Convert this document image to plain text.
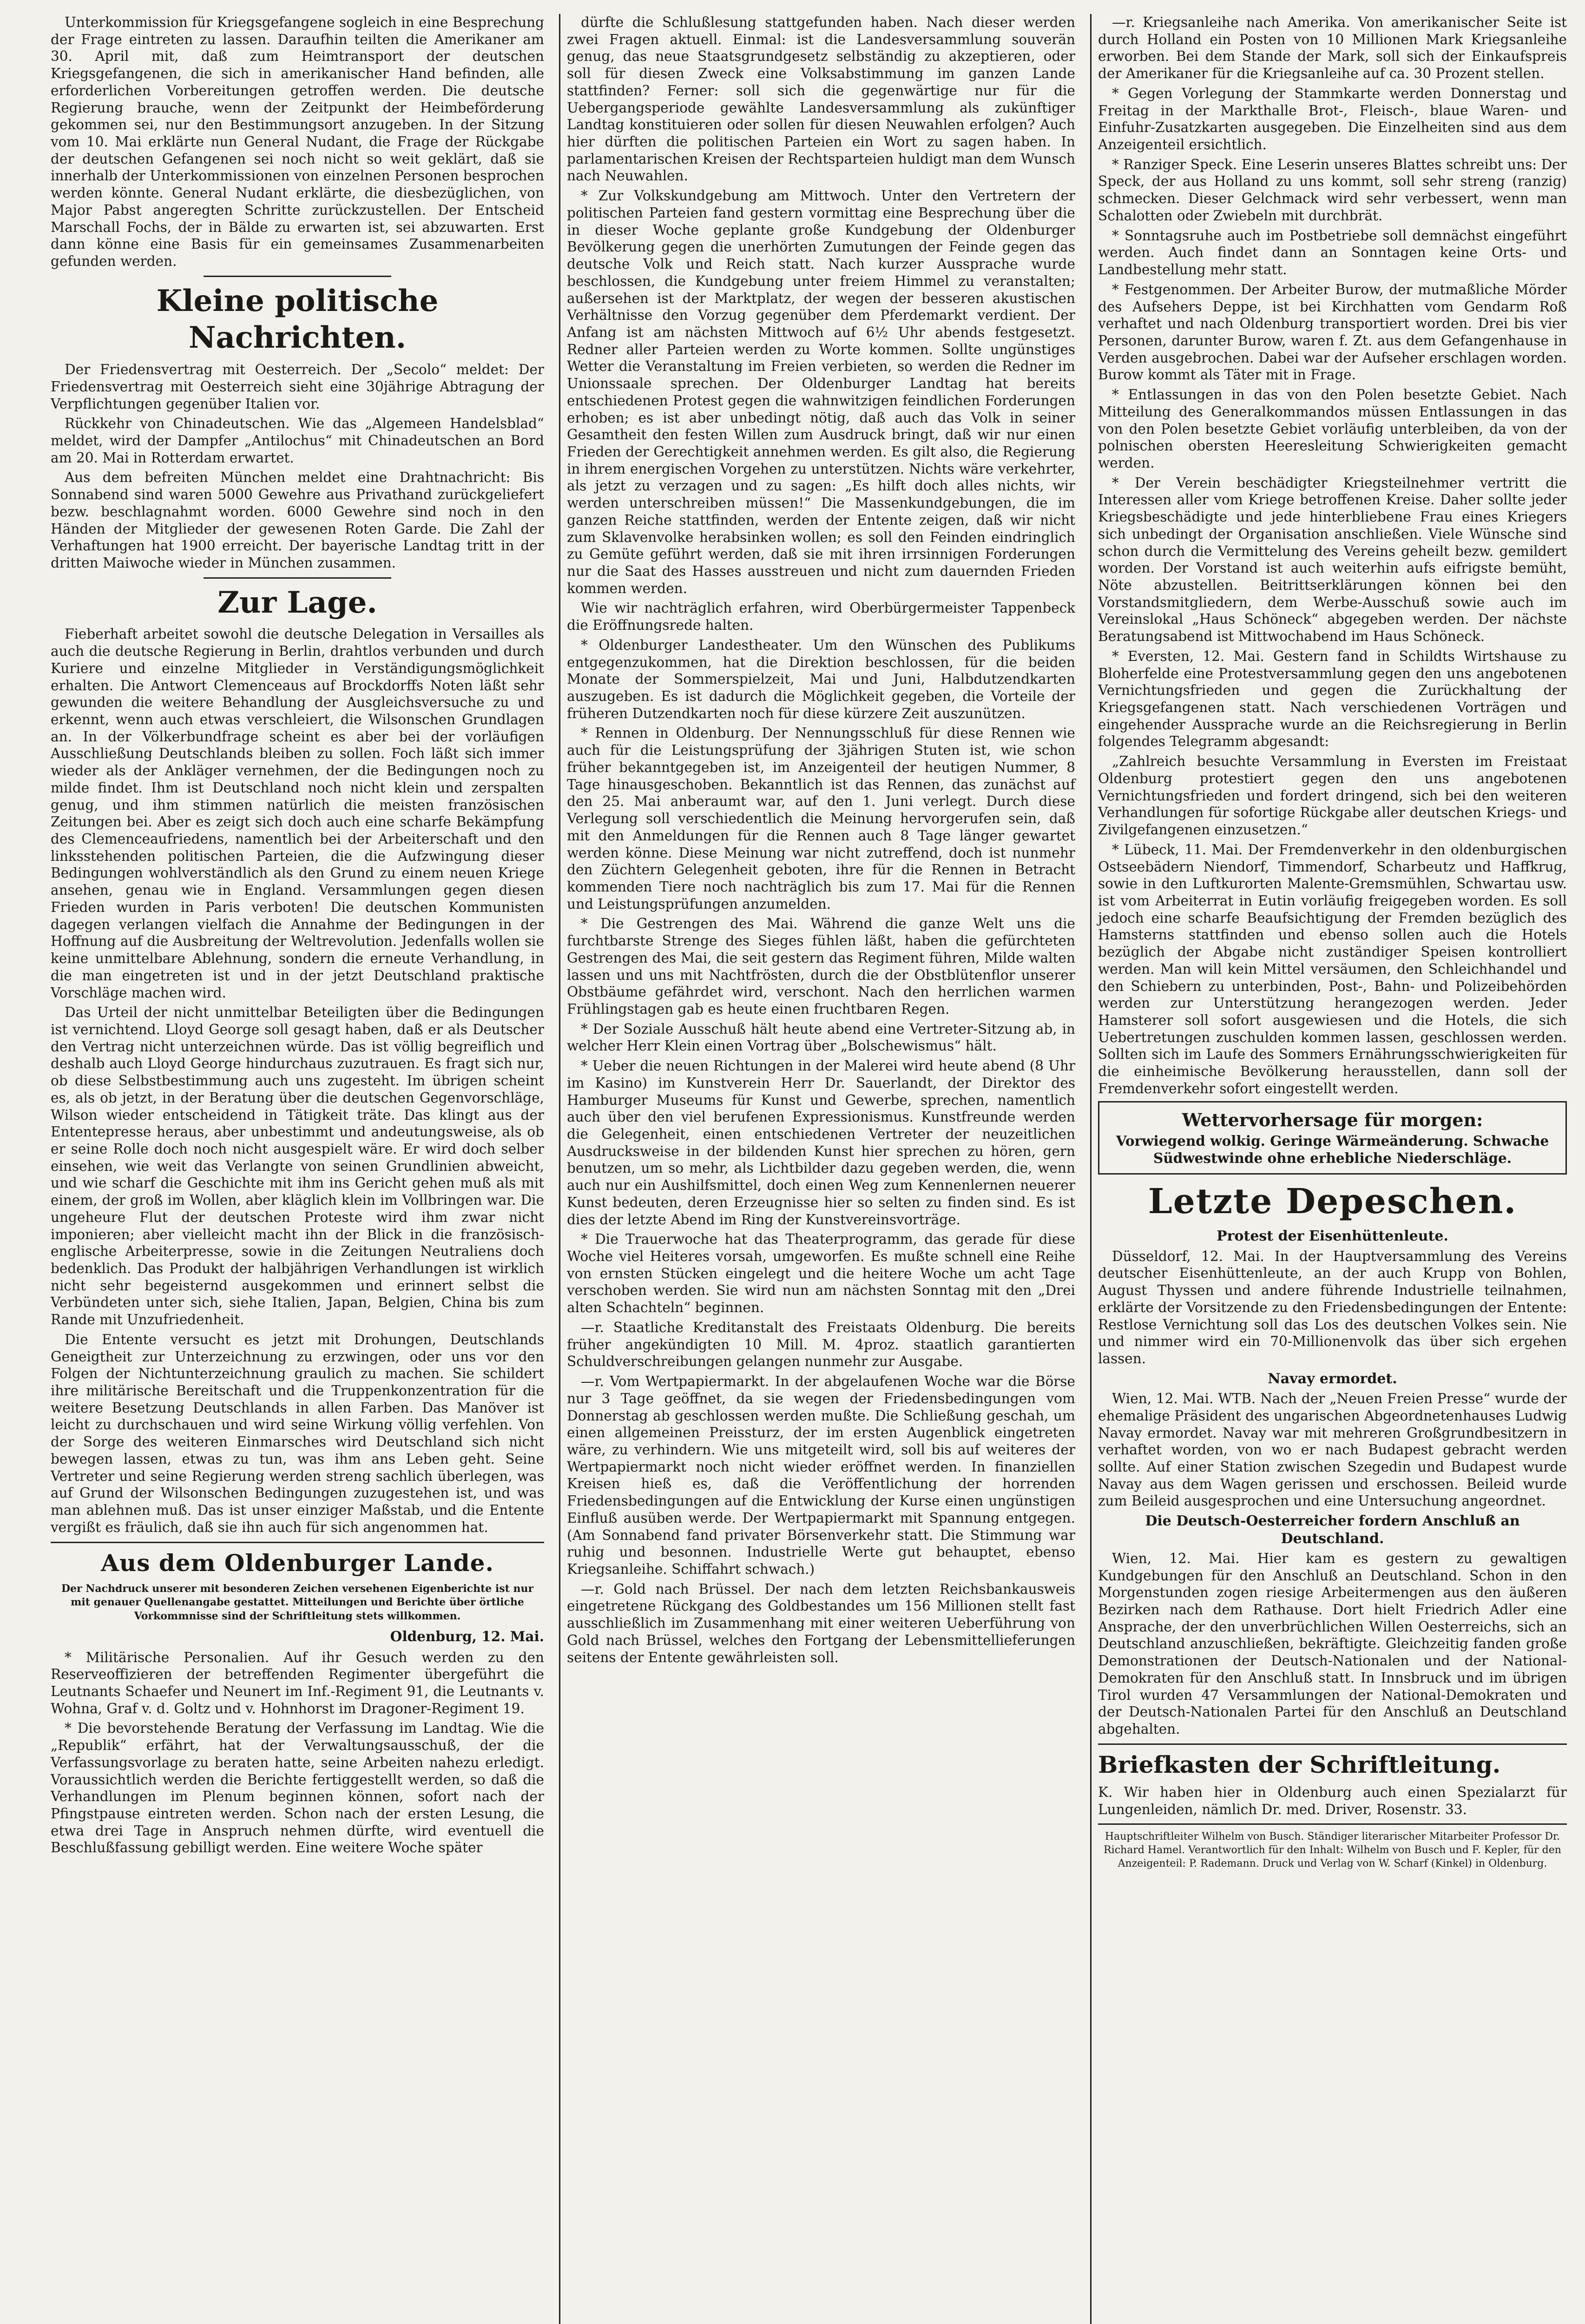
Unterkommission für Kriegsgefangene sogleich in eine Besprechung der Frage eintreten zu lassen. Daraufhin teilten die Amerikaner am 30. April mit, daß zum Heimtransport der deutschen Kriegsgefangenen, die sich in amerikanischer Hand befinden, alle erforderlichen Vorbereitungen getroffen werden. Die deutsche Regierung brauche, wenn der Zeitpunkt der Heimbeförderung gekommen sei, nur den Bestimmungsort anzugeben. In der Sitzung vom 10. Mai erklärte nun General Nudant, die Frage der Rückgabe der deutschen Gefangenen sei noch nicht so weit geklärt, daß sie innerhalb der Unterkommissionen von einzelnen Personen besprochen werden könnte. General Nudant erklärte, die diesbezüglichen, von Major Pabst angeregten Schritte zurückzustellen. Der Entscheid Marschall Fochs, der in Bälde zu erwarten ist, sei abzuwarten. Erst dann könne eine Basis für ein gemeinsames Zusammenarbeiten gefunden werden.

Kleine politische Nachrichten.

Der Friedensvertrag mit Oesterreich. Der „Secolo“ meldet: Der Friedensvertrag mit Oesterreich sieht eine 30jährige Abtragung der Verpflichtungen gegenüber Italien vor.

Rückkehr von Chinadeutschen. Wie das „Algemeen Handelsblad“ meldet, wird der Dampfer „Antilochus“ mit Chinadeutschen an Bord am 20. Mai in Rotterdam erwartet.

Aus dem befreiten München meldet eine Drahtnachricht: Bis Sonnabend sind waren 5000 Gewehre aus Privathand zurückgeliefert bezw. beschlagnahmt worden. 6000 Gewehre sind noch in den Händen der Mitglieder der gewesenen Roten Garde. Die Zahl der Verhaftungen hat 1900 erreicht. Der bayerische Landtag tritt in der dritten Maiwoche wieder in München zusammen.

Zur Lage.

Fieberhaft arbeitet sowohl die deutsche Delegation in Versailles als auch die deutsche Regierung in Berlin, drahtlos verbunden und durch Kuriere und einzelne Mitglieder in Verständigungsmöglichkeit erhalten. Die Antwort Clemenceaus auf Brockdorffs Noten läßt sehr gewunden die weitere Behandlung der Ausgleichsversuche zu und erkennt, wenn auch etwas verschleiert, die Wilsonschen Grundlagen an. In der Völkerbundfrage scheint es aber bei der vorläufigen Ausschließung Deutschlands bleiben zu sollen. Foch läßt sich immer wieder als der Ankläger vernehmen, der die Bedingungen noch zu milde findet. Ihm ist Deutschland noch nicht klein und zerspalten genug, und ihm stimmen natürlich die meisten französischen Zeitungen bei. Aber es zeigt sich doch auch eine scharfe Bekämpfung des Clemenceaufriedens, namentlich bei der Arbeiterschaft und den linksstehenden politischen Parteien, die die Aufzwingung dieser Bedingungen wohlverständlich als den Grund zu einem neuen Kriege ansehen, genau wie in England. Versammlungen gegen diesen Frieden wurden in Paris verboten! Die deutschen Kommunisten dagegen verlangen vielfach die Annahme der Bedingungen in der Hoffnung auf die Ausbreitung der Weltrevolution. Jedenfalls wollen sie keine unmittelbare Ablehnung, sondern die erneute Verhandlung, in die man eingetreten ist und in der jetzt Deutschland praktische Vorschläge machen wird.

Das Urteil der nicht unmittelbar Beteiligten über die Bedingungen ist vernichtend. Lloyd George soll gesagt haben, daß er als Deutscher den Vertrag nicht unterzeichnen würde. Das ist völlig begreiflich und deshalb auch Lloyd George hindurchaus zuzutrauen. Es fragt sich nur, ob diese Selbstbestimmung auch uns zugesteht. Im übrigen scheint es, als ob jetzt, in der Beratung über die deutschen Gegenvorschläge, Wilson wieder entscheidend in Tätigkeit träte. Das klingt aus der Ententepresse heraus, aber unbestimmt und andeutungsweise, als ob er seine Rolle doch noch nicht ausgespielt wäre. Er wird doch selber einsehen, wie weit das Verlangte von seinen Grundlinien abweicht, und wie scharf die Geschichte mit ihm ins Gericht gehen muß als mit einem, der groß im Wollen, aber kläglich klein im Vollbringen war. Die ungeheure Flut der deutschen Proteste wird ihm zwar nicht imponieren; aber vielleicht macht ihn der Blick in die französisch-englische Arbeiterpresse, sowie in die Zeitungen Neutraliens doch bedenklich. Das Produkt der halbjährigen Verhandlungen ist wirklich nicht sehr begeisternd ausgekommen und erinnert selbst die Verbündeten unter sich, siehe Italien, Japan, Belgien, China bis zum Rande mit Unzufriedenheit.

Die Entente versucht es jetzt mit Drohungen, Deutschlands Geneigtheit zur Unterzeichnung zu erzwingen, oder uns vor den Folgen der Nichtunterzeichnung graulich zu machen. Sie schildert ihre militärische Bereitschaft und die Truppenkonzentration für die weitere Besetzung Deutschlands in allen Farben. Das Manöver ist leicht zu durchschauen und wird seine Wirkung völlig verfehlen. Von der Sorge des weiteren Einmarsches wird Deutschland sich nicht bewegen lassen, etwas zu tun, was ihm ans Leben geht. Seine Vertreter und seine Regierung werden streng sachlich überlegen, was auf Grund der Wilsonschen Bedingungen zuzugestehen ist, und was man ablehnen muß. Das ist unser einziger Maßstab, und die Entente vergißt es fräulich, daß sie ihn auch für sich angenommen hat.

Aus dem Oldenburger Lande.
Der Nachdruck unserer mit besonderen Zeichen versehenen Eigenberichte ist nur mit genauer Quellenangabe gestattet. Mitteilungen und Berichte über örtliche Vorkommnisse sind der Schriftleitung stets willkommen.
Oldenburg, 12. Mai.

* Militärische Personalien. Auf ihr Gesuch werden zu den Reserveoffizieren der betreffenden Regimenter übergeführt die Leutnants Schaefer und Neunert im Inf.-Regiment 91, die Leutnants v. Wohna, Graf v. d. Goltz und v. Hohnhorst im Dragoner-Regiment 19.

* Die bevorstehende Beratung der Verfassung im Landtag. Wie die „Republik“ erfährt, hat der Verwaltungsausschuß, der die Verfassungsvorlage zu beraten hatte, seine Arbeiten nahezu erledigt. Voraussichtlich werden die Berichte fertiggestellt werden, so daß die Verhandlungen im Plenum beginnen können, sofort nach der Pfingstpause eintreten werden. Schon nach der ersten Lesung, die etwa drei Tage in Anspruch nehmen dürfte, wird eventuell die Beschlußfassung gebilligt werden. Eine weitere Woche später

dürfte die Schlußlesung stattgefunden haben. Nach dieser werden zwei Fragen aktuell. Einmal: ist die Landesversammlung souverän genug, das neue Staatsgrundgesetz selbständig zu akzeptieren, oder soll für diesen Zweck eine Volksabstimmung im ganzen Lande stattfinden? Ferner: soll sich die gegenwärtige nur für die Uebergangsperiode gewählte Landesversammlung als zukünftiger Landtag konstituieren oder sollen für diesen Neuwahlen erfolgen? Auch hier dürften die politischen Parteien ein Wort zu sagen haben. In parlamentarischen Kreisen der Rechtsparteien huldigt man dem Wunsch nach Neuwahlen.

* Zur Volkskundgebung am Mittwoch. Unter den Vertretern der politischen Parteien fand gestern vormittag eine Besprechung über die in dieser Woche geplante große Kundgebung der Oldenburger Bevölkerung gegen die unerhörten Zumutungen der Feinde gegen das deutsche Volk und Reich statt. Nach kurzer Aussprache wurde beschlossen, die Kundgebung unter freiem Himmel zu veranstalten; außersehen ist der Marktplatz, der wegen der besseren akustischen Verhältnisse den Vorzug gegenüber dem Pferdemarkt verdient. Der Anfang ist am nächsten Mittwoch auf 6½ Uhr abends festgesetzt. Redner aller Parteien werden zu Worte kommen. Sollte ungünstiges Wetter die Veranstaltung im Freien verbieten, so werden die Redner im Unionssaale sprechen. Der Oldenburger Landtag hat bereits entschiedenen Protest gegen die wahnwitzigen feindlichen Forderungen erhoben; es ist aber unbedingt nötig, daß auch das Volk in seiner Gesamtheit den festen Willen zum Ausdruck bringt, daß wir nur einen Frieden der Gerechtigkeit annehmen werden. Es gilt also, die Regierung in ihrem energischen Vorgehen zu unterstützen. Nichts wäre verkehrter, als jetzt zu verzagen und zu sagen: „Es hilft doch alles nichts, wir werden unterschreiben müssen!“ Die Massenkundgebungen, die im ganzen Reiche stattfinden, werden der Entente zeigen, daß wir nicht zum Sklavenvolke herabsinken wollen; es soll den Feinden eindringlich zu Gemüte geführt werden, daß sie mit ihren irrsinnigen Forderungen nur die Saat des Hasses ausstreuen und nicht zum dauernden Frieden kommen werden.

Wie wir nachträglich erfahren, wird Oberbürgermeister Tappenbeck die Eröffnungsrede halten.

* Oldenburger Landestheater. Um den Wünschen des Publikums entgegenzukommen, hat die Direktion beschlossen, für die beiden Monate der Sommerspielzeit, Mai und Juni, Halbdutzendkarten auszugeben. Es ist dadurch die Möglichkeit gegeben, die Vorteile der früheren Dutzendkarten noch für diese kürzere Zeit auszunützen.

* Rennen in Oldenburg. Der Nennungsschluß für diese Rennen wie auch für die Leistungsprüfung der 3jährigen Stuten ist, wie schon früher bekanntgegeben ist, im Anzeigenteil der heutigen Nummer, 8 Tage hinausgeschoben. Bekanntlich ist das Rennen, das zunächst auf den 25. Mai anberaumt war, auf den 1. Juni verlegt. Durch diese Verlegung soll verschiedentlich die Meinung hervorgerufen sein, daß mit den Anmeldungen für die Rennen auch 8 Tage länger gewartet werden könne. Diese Meinung war nicht zutreffend, doch ist nunmehr den Züchtern Gelegenheit geboten, ihre für die Rennen in Betracht kommenden Tiere noch nachträglich bis zum 17. Mai für die Rennen und Leistungsprüfungen anzumelden.

* Die Gestrengen des Mai. Während die ganze Welt uns die furchtbarste Strenge des Sieges fühlen läßt, haben die gefürchteten Gestrengen des Mai, die seit gestern das Regiment führen, Milde walten lassen und uns mit Nachtfrösten, durch die der Obstblütenflor unserer Obstbäume gefährdet wird, verschont. Nach den herrlichen warmen Frühlingstagen gab es heute einen fruchtbaren Regen.

* Der Soziale Ausschuß hält heute abend eine Vertreter-Sitzung ab, in welcher Herr Klein einen Vortrag über „Bolschewismus“ hält.

* Ueber die neuen Richtungen in der Malerei wird heute abend (8 Uhr im Kasino) im Kunstverein Herr Dr. Sauerlandt, der Direktor des Hamburger Museums für Kunst und Gewerbe, sprechen, namentlich auch über den viel berufenen Expressionismus. Kunstfreunde werden die Gelegenheit, einen entschiedenen Vertreter der neuzeitlichen Ausdrucksweise in der bildenden Kunst hier sprechen zu hören, gern benutzen, um so mehr, als Lichtbilder dazu gegeben werden, die, wenn auch nur ein Aushilfsmittel, doch einen Weg zum Kennenlernen neuerer Kunst bedeuten, deren Erzeugnisse hier so selten zu finden sind. Es ist dies der letzte Abend im Ring der Kunstvereinsvorträge.

* Die Trauerwoche hat das Theaterprogramm, das gerade für diese Woche viel Heiteres vorsah, umgeworfen. Es mußte schnell eine Reihe von ernsten Stücken eingelegt und die heitere Woche um acht Tage verschoben werden. Sie wird nun am nächsten Sonntag mit den „Drei alten Schachteln“ beginnen.

—r. Staatliche Kreditanstalt des Freistaats Oldenburg. Die bereits früher angekündigten 10 Mill. M. 4proz. staatlich garantierten Schuldverschreibungen gelangen nunmehr zur Ausgabe.

—r. Vom Wertpapiermarkt. In der abgelaufenen Woche war die Börse nur 3 Tage geöffnet, da sie wegen der Friedensbedingungen vom Donnerstag ab geschlossen werden mußte. Die Schließung geschah, um einen allgemeinen Preissturz, der im ersten Augenblick eingetreten wäre, zu verhindern. Wie uns mitgeteilt wird, soll bis auf weiteres der Wertpapiermarkt noch nicht wieder eröffnet werden. In finanziellen Kreisen hieß es, daß die Veröffentlichung der horrenden Friedensbedingungen auf die Entwicklung der Kurse einen ungünstigen Einfluß ausüben werde. Der Wertpapiermarkt mit Spannung entgegen. (Am Sonnabend fand privater Börsenverkehr statt. Die Stimmung war ruhig und besonnen. Industrielle Werte gut behauptet, ebenso Kriegsanleihe. Schiffahrt schwach.)

—r. Gold nach Brüssel. Der nach dem letzten Reichsbankausweis eingetretene Rückgang des Goldbestandes um 156 Millionen stellt fast ausschließlich im Zusammenhang mit einer weiteren Ueberführung von Gold nach Brüssel, welches den Fortgang der Lebensmittellieferungen seitens der Entente gewährleisten soll.

—r. Kriegsanleihe nach Amerika. Von amerikanischer Seite ist durch Holland ein Posten von 10 Millionen Mark Kriegsanleihe erworben. Bei dem Stande der Mark, soll sich der Einkaufspreis der Amerikaner für die Kriegsanleihe auf ca. 30 Prozent stellen.

* Gegen Vorlegung der Stammkarte werden Donnerstag und Freitag in der Markthalle Brot-, Fleisch-, blaue Waren- und Einfuhr-Zusatzkarten ausgegeben. Die Einzelheiten sind aus dem Anzeigenteil ersichtlich.

* Ranziger Speck. Eine Leserin unseres Blattes schreibt uns: Der Speck, der aus Holland zu uns kommt, soll sehr streng (ranzig) schmecken. Dieser Gelchmack wird sehr verbessert, wenn man Schalotten oder Zwiebeln mit durchbrät.

* Sonntagsruhe auch im Postbetriebe soll demnächst eingeführt werden. Auch findet dann an Sonntagen keine Orts- und Landbestellung mehr statt.

* Festgenommen. Der Arbeiter Burow, der mutmaßliche Mörder des Aufsehers Deppe, ist bei Kirchhatten vom Gendarm Roß verhaftet und nach Oldenburg transportiert worden. Drei bis vier Personen, darunter Burow, waren f. Zt. aus dem Gefangenhause in Verden ausgebrochen. Dabei war der Aufseher erschlagen worden. Burow kommt als Täter mit in Frage.

* Entlassungen in das von den Polen besetzte Gebiet. Nach Mitteilung des Generalkommandos müssen Entlassungen in das von den Polen besetzte Gebiet vorläufig unterbleiben, da von der polnischen obersten Heeresleitung Schwierigkeiten gemacht werden.

* Der Verein beschädigter Kriegsteilnehmer vertritt die Interessen aller vom Kriege betroffenen Kreise. Daher sollte jeder Kriegsbeschädigte und jede hinterbliebene Frau eines Kriegers sich unbedingt der Organisation anschließen. Viele Wünsche sind schon durch die Vermittelung des Vereins geheilt bezw. gemildert worden. Der Vorstand ist auch weiterhin aufs eifrigste bemüht, Nöte abzustellen. Beitrittserklärungen können bei den Vorstandsmitgliedern, dem Werbe-Ausschuß sowie auch im Vereinslokal „Haus Schöneck“ abgegeben werden. Der nächste Beratungsabend ist Mittwochabend im Haus Schöneck.

* Eversten, 12. Mai. Gestern fand in Schildts Wirtshause zu Bloherfelde eine Protestversammlung gegen den uns angebotenen Vernichtungsfrieden und gegen die Zurückhaltung der Kriegsgefangenen statt. Nach verschiedenen Vorträgen und eingehender Aussprache wurde an die Reichsregierung in Berlin folgendes Telegramm abgesandt:

„Zahlreich besuchte Versammlung in Eversten im Freistaat Oldenburg protestiert gegen den uns angebotenen Vernichtungsfrieden und fordert dringend, sich bei den weiteren Verhandlungen für sofortige Rückgabe aller deutschen Kriegs- und Zivilgefangenen einzusetzen.“

* Lübeck, 11. Mai. Der Fremdenverkehr in den oldenburgischen Ostseebädern Niendorf, Timmendorf, Scharbeutz und Haffkrug, sowie in den Luftkurorten Malente-Gremsmühlen, Schwartau usw. ist vom Arbeiterrat in Eutin vorläufig freigegeben worden. Es soll jedoch eine scharfe Beaufsichtigung der Fremden bezüglich des Hamsterns stattfinden und ebenso sollen auch die Hotels bezüglich der Abgabe nicht zuständiger Speisen kontrolliert werden. Man will kein Mittel versäumen, den Schleichhandel und den Schiebern zu unterbinden, Post-, Bahn- und Polizeibehörden werden zur Unterstützung herangezogen werden. Jeder Hamsterer soll sofort ausgewiesen und die Hotels, die sich Uebertretungen zuschulden kommen lassen, geschlossen werden. Sollten sich im Laufe des Sommers Ernährungsschwierigkeiten für die einheimische Bevölkerung herausstellen, dann soll der Fremdenverkehr sofort eingestellt werden.

Wettervorhersage für morgen:

Vorwiegend wolkig. Geringe Wärmeänderung. Schwache Südwestwinde ohne erhebliche Niederschläge.

Letzte Depeschen.
Protest der Eisenhüttenleute.

Düsseldorf, 12. Mai. In der Hauptversammlung des Vereins deutscher Eisenhüttenleute, an der auch Krupp von Bohlen, August Thyssen und andere führende Industrielle teilnahmen, erklärte der Vorsitzende zu den Friedensbedingungen der Entente: Restlose Vernichtung soll das Los des deutschen Volkes sein. Nie und nimmer wird ein 70-Millionenvolk das über sich ergehen lassen.

Navay ermordet.

Wien, 12. Mai. WTB. Nach der „Neuen Freien Presse“ wurde der ehemalige Präsident des ungarischen Abgeordnetenhauses Ludwig Navay ermordet. Navay war mit mehreren Großgrundbesitzern in verhaftet worden, von wo er nach Budapest gebracht werden sollte. Auf einer Station zwischen Szegedin und Budapest wurde Navay aus dem Wagen gerissen und erschossen. Beileid wurde zum Beileid ausgesprochen und eine Untersuchung angeordnet.

Die Deutsch-Oesterreicher fordern Anschluß an Deutschland.

Wien, 12. Mai. Hier kam es gestern zu gewaltigen Kundgebungen für den Anschluß an Deutschland. Schon in den Morgenstunden zogen riesige Arbeitermengen aus den äußeren Bezirken nach dem Rathause. Dort hielt Friedrich Adler eine Ansprache, der den unverbrüchlichen Willen Oesterreichs, sich an Deutschland anzuschließen, bekräftigte. Gleichzeitig fanden große Demonstrationen der Deutsch-Nationalen und der National-Demokraten für den Anschluß statt. In Innsbruck und im übrigen Tirol wurden 47 Versammlungen der National-Demokraten und der Deutsch-Nationalen Partei für den Anschluß an Deutschland abgehalten.

Briefkasten der Schriftleitung.

K. Wir haben hier in Oldenburg auch einen Spezialarzt für Lungenleiden, nämlich Dr. med. Driver, Rosenstr. 33.

Hauptschriftleiter Wilhelm von Busch. Ständiger literarischer Mitarbeiter Professor Dr. Richard Hamel. Verantwortlich für den Inhalt: Wilhelm von Busch und F. Kepler, für den Anzeigenteil: P. Rademann. Druck und Verlag von W. Scharf (Kinkel) in Oldenburg.
